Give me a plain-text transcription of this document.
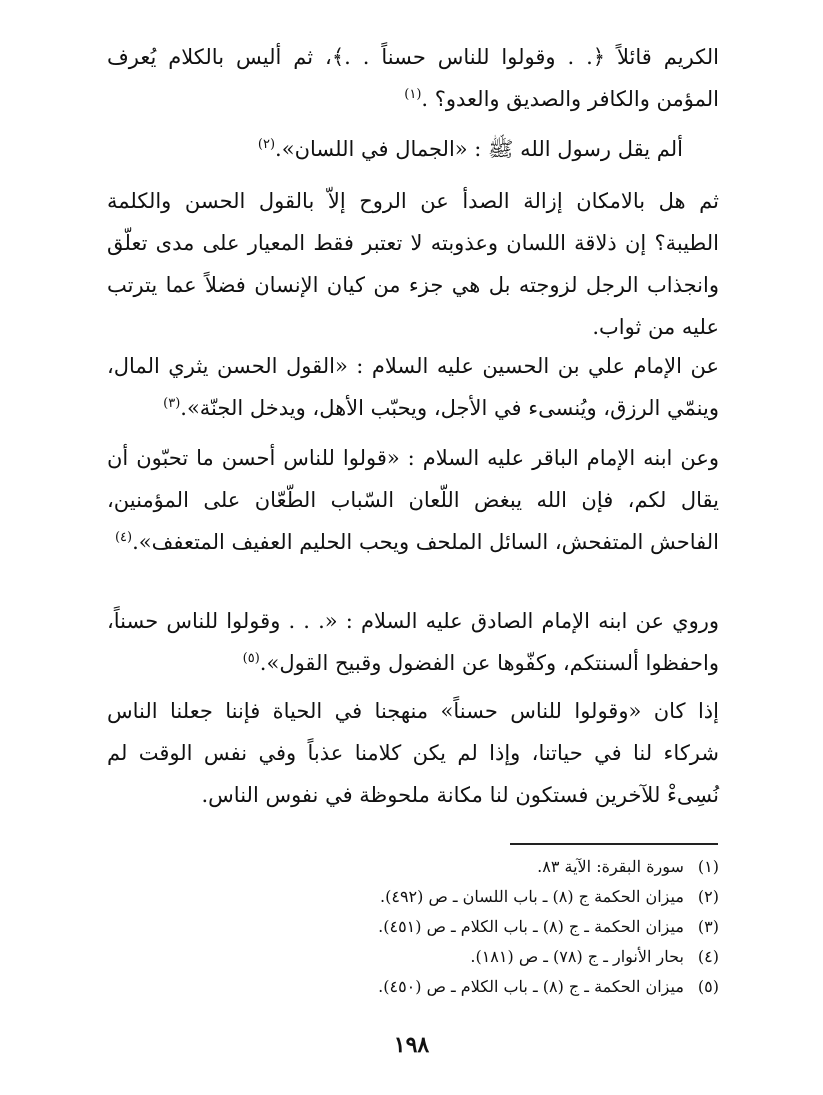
الكريم قائلاً ﴿. . وقولوا للناس حسناً . .﴾، ثم أليس بالكلام يُعرف المؤمن والكافر والصديق والعدو؟ .$^{(١)}$

ألم يقل رسول الله ﷺ : «الجمال في اللسان».$^{(٢)}$

ثم هل بالامكان إزالة الصدأ عن الروح إلاّ بالقول الحسن والكلمة الطيبة؟ إن ذلاقة اللسان وعذوبته لا تعتبر فقط المعيار على مدى تعلّق وانجذاب الرجل لزوجته بل هي جزء من كيان الإنسان فضلاً عما يترتب عليه من ثواب.

عن الإمام علي بن الحسين عليه السلام : «القول الحسن يثري المال، وينمّي الرزق، ويُنسىء في الأجل، ويحبّب الأهل، ويدخل الجنّة».$^{(٣)}$

وعن ابنه الإمام الباقر عليه السلام : «قولوا للناس أحسن ما تحبّون أن يقال لكم، فإن الله يبغض اللّعان السّباب الطّعّان على المؤمنين، الفاحش المتفحش، السائل الملحف ويحب الحليم العفيف المتعفف».$^{(٤)}$

وروي عن ابنه الإمام الصادق عليه السلام : «. . . وقولوا للناس حسناً، واحفظوا ألسنتكم، وكفّوها عن الفضول وقبيح القول».$^{(٥)}$

إذا كان «وقولوا للناس حسناً» منهجنا في الحياة فإننا جعلنا الناس شركاء لنا في حياتنا، وإذا لم يكن كلامنا عذباً وفي نفس الوقت لم نُسِىءْ للآخرين فستكون لنا مكانة ملحوظة في نفوس الناس.

(١) سورة البقرة: الآية ٨٣.
(٢) ميزان الحكمة ج (٨) ـ باب اللسان ـ ص (٤٩٢).
(٣) ميزان الحكمة ـ ج (٨) ـ باب الكلام ـ ص (٤٥١).
(٤) بحار الأنوار ـ ج (٧٨) ـ ص (١٨١).
(٥) ميزان الحكمة ـ ج (٨) ـ باب الكلام ـ ص (٤٥٠).
١٩٨
